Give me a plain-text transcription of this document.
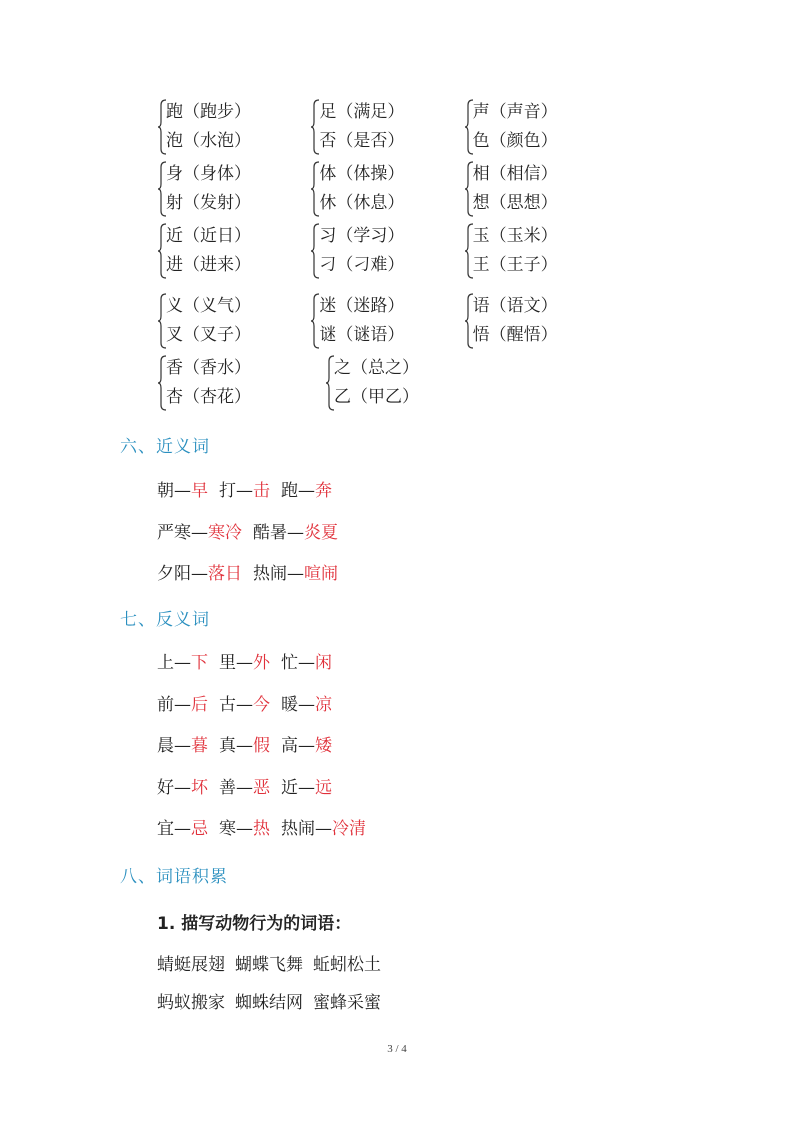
跑（跑步）
泡（水泡）
足（满足）
否（是否）
声（声音）
色（颜色）
身（身体）
射（发射）
体（体操）
休（休息）
相（相信）
想（思想）
近（近日）
进（进来）
习（学习）
刁（刁难）
玉（玉米）
王（王子）
义（义气）
叉（叉子）
迷（迷路）
谜（谜语）
语（语文）
悟（醒悟）
香（香水）
杏（杏花）
之（总之）
乙（甲乙）
六、近义词
朝—早 打—击 跑—奔
严寒—寒冷 酷暑—炎夏
夕阳—落日 热闹—喧闹
七、反义词
上—下 里—外 忙—闲
前—后 古—今 暖—凉
晨—暮 真—假 高—矮
好—坏 善—恶 近—远
宜—忌 寒—热 热闹—冷清
八、词语积累
1. 描写动物行为的词语：
蜻蜓展翅 蝴蝶飞舞 蚯蚓松土
蚂蚁搬家 蜘蛛结网 蜜蜂采蜜
3 / 4
